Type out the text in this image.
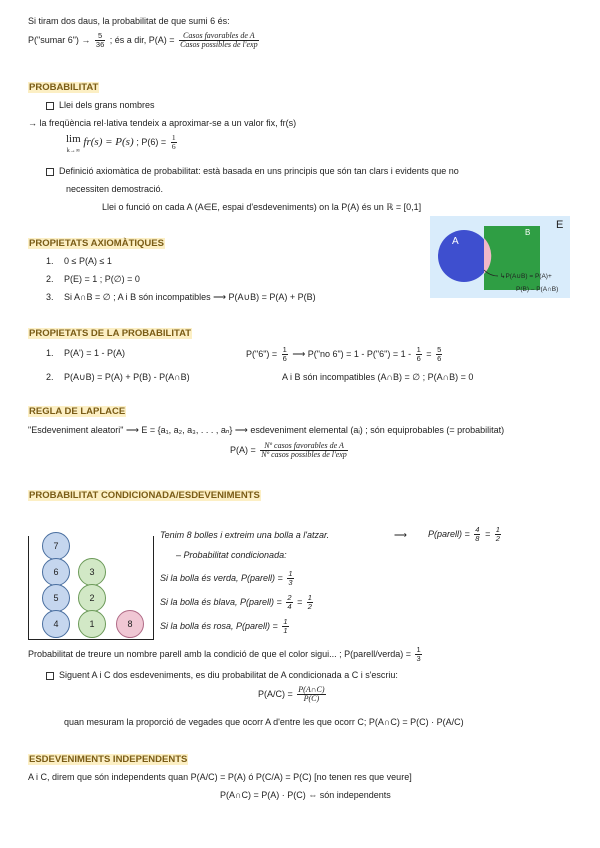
Si tiram dos daus, la probabilitat de que sumi 6 és:
P("sumar 6") → $\frac{5}{36}$ ; és a dir, $P(A) = \frac{\text{Casos favorables de A}}{\text{Casos possibles de l'exp}}$
PROBABILITAT
Llei dels grans nombres
→ la freqüència rel·lativa tendeix a aproximar-se a un valor fix, fr(s)
lim
k→∞ fr(s) = P(s) ; $P(6) = \frac{1}{6}$
Definició axiomàtica de probabilitat: està basada en uns principis que són tan clars i evidents que no
necessiten demostració.
Llei o funció on cada A (A∈E, espai d'esdeveniments) on la P(A) és un ℝ = [0,1]
PROPIETATS AXIOMÀTIQUES
1. 0 ≤ P(A) ≤ 1
2. P(E) = 1 ; P(∅) = 0
3. Si A∩B = ∅ ; A i B són incompatibles ⟶ P(A∪B) = P(A) + P(B)
E
A
B
↳P(A∪B) = P(A)+
P(B) – P(A∩B)
PROPIETATS DE LA PROBABILITAT
1. P(A') = 1 - P(A)	P("6") = $\frac{1}{6}$ ⟶ P("no 6") = 1 - P("6") = $1 - \frac{1}{6} = \frac{5}{6}$
2. P(A∪B) = P(A) + P(B) - P(A∩B)	A i B són incompatibles (A∩B) = ∅ ; P(A∩B) = 0
REGLA DE LAPLACE
"Esdeveniment aleatori" ⟶ E = {a₁, a₂, a₃, . . . , aₙ} ⟶ esdeveniment elemental (aᵢ) ; són equiprobables (= probabilitat)
$P(A) = \frac{\text{Nº casos favorables de A}}{\text{Nº casos possibles de l'exp}}$
PROBABILITAT CONDICIONADA/ESDEVENIMENTS
7
6
5
4
3
2
1	8
Tenim 8 bolles i extreim una bolla a l'atzar.	⟶ P(parell) = $\frac{4}{8} = \frac{1}{2}$
– Probabilitat condicionada:
Si la bolla és verda, P(parell) = $\frac{1}{3}$
Si la bolla és blava, P(parell) = $\frac{2}{4} = \frac{1}{2}$
Si la bolla és rosa, P(parell) = $\frac{1}{1}$
Probabilitat de treure un nombre parell amb la condició de que el color sigui... ; P(parell/verda) = $\frac{1}{3}$
Siguent A i C dos esdeveniments, es diu probabilitat de A condicionada a C i s'escriu:
$P(A/C) = \frac{P(A\cap C)}{P(C)}$
quan mesuram la proporció de vegades que ocorr A d'entre les que ocorr C; P(A∩C) = P(C) · P(A/C)
ESDEVENIMENTS INDEPENDENTS
A i C, direm que són independents quan P(A/C) = P(A) ó P(C/A) = P(C) [no tenen res que veure]
P(A∩C) = P(A) · P(C) ⇔ són independents
